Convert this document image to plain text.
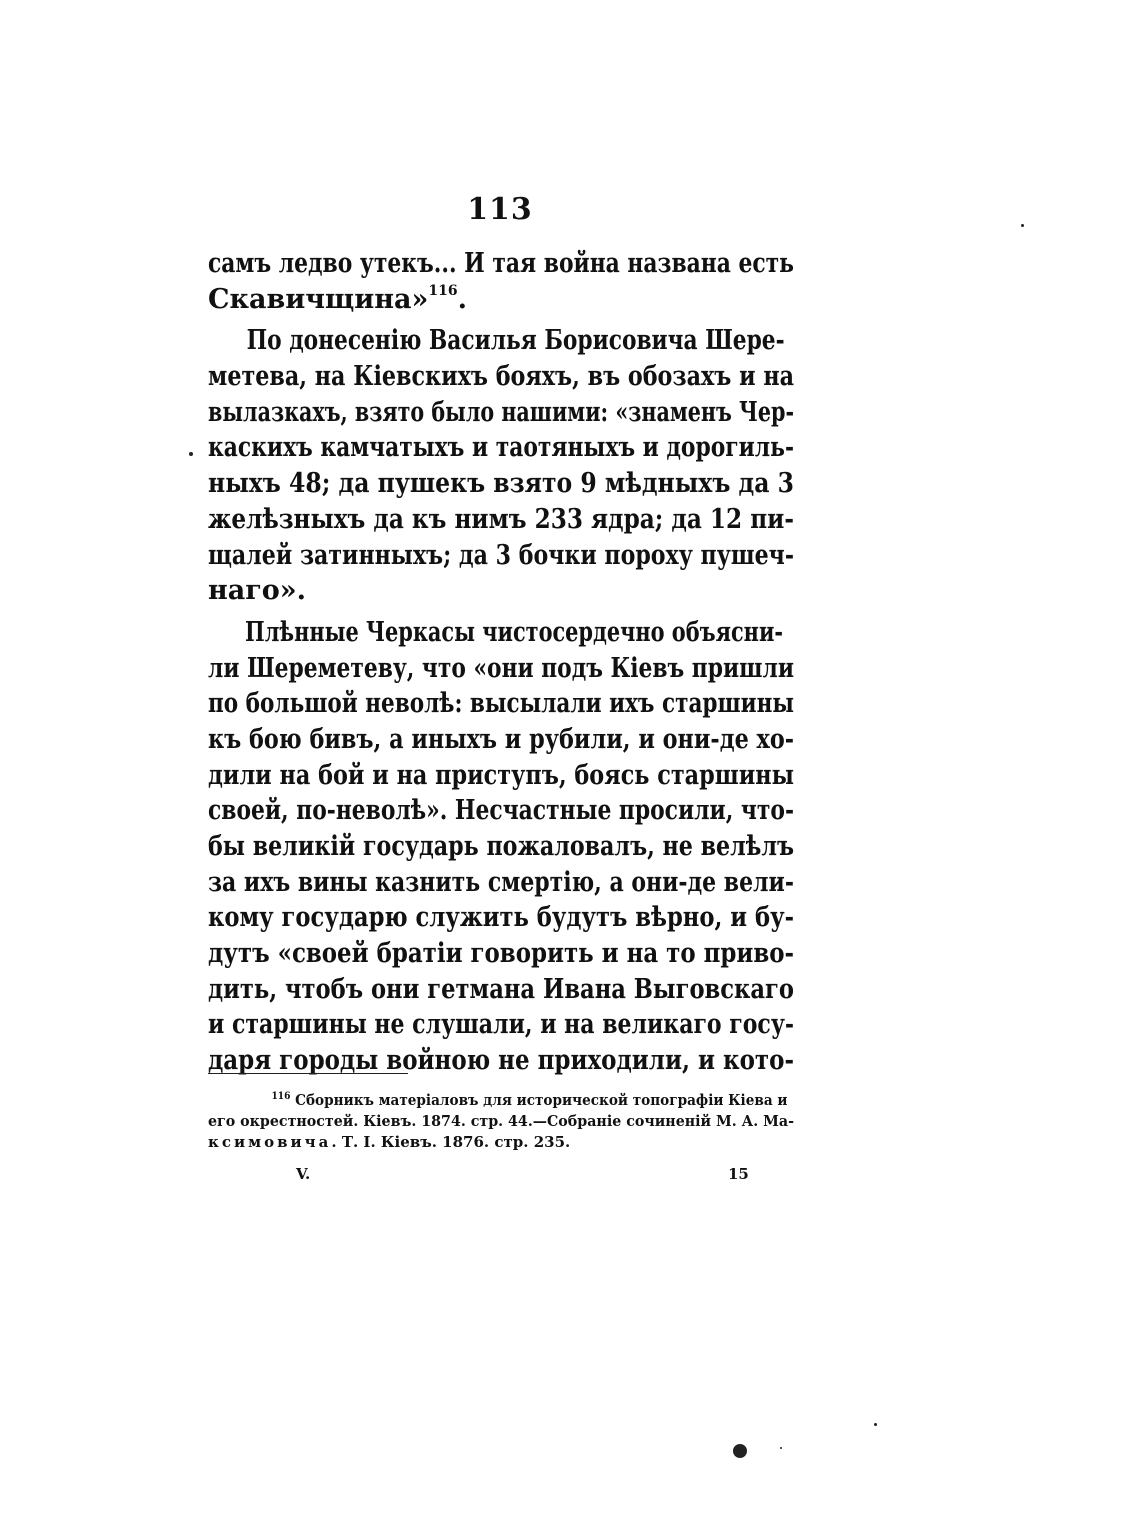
113
самъ ледво утекъ... И тая война названа есть
Скавичщина»$^{116}$.
По донесенію Василья Борисовича Шере-
метева, на Кіевскихъ бояхъ, въ обозахъ и на
вылазкахъ, взято было нашими: «знаменъ Чер-
каскихъ камчатыхъ и таотяныхъ и дорогиль-
ныхъ 48; да пушекъ взято 9 мѣдныхъ да 3
желѣзныхъ да къ нимъ 233 ядра; да 12 пи-
щалей затинныхъ; да 3 бочки пороху пушеч-
наго».
Плѣнные Черкасы чистосердечно объясни-
ли Шереметеву, что «они подъ Кіевъ пришли
по большой неволѣ: высылали ихъ старшины
къ бою бивъ, а иныхъ и рубили, и они-де хо-
дили на бой и на приступъ, боясь старшины
своей, по-неволѣ». Несчастные просили, что-
бы великій государь пожаловалъ, не велѣлъ
за ихъ вины казнить смертію, а они-де вели-
кому государю служить будутъ вѣрно, и бу-
дутъ «своей братіи говорить и на то приво-
дить, чтобъ они гетмана Ивана Выговскаго
и старшины не слушали, и на великаго госу-
даря городы войною не приходили, и кото-
$^{116}$ Сборникъ матеріаловъ для исторической топографіи Кіева и
его окрестностей. Кіевъ. 1874. стр. 44.—Собраніе сочиненій М. А. Ма-
ксимовича. Т. I. Кіевъ. 1876. стр. 235.
V.	15
